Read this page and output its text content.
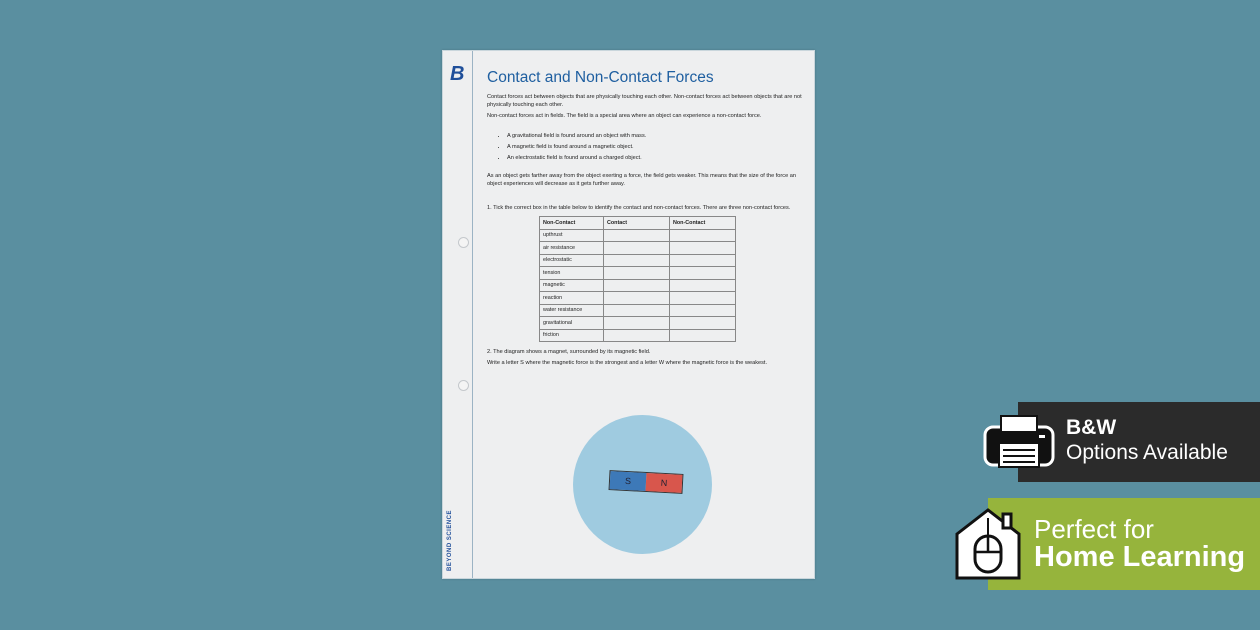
B
BEYOND SCIENCE
Contact and Non-Contact Forces

Contact forces act between objects that are physically touching each other. Non-contact forces act between objects that are not physically touching each other.

Non-contact forces act in fields. The field is a special area where an object can experience a non-contact force.

• A gravitational field is found around an object with mass.
• A magnetic field is found around a magnetic object.
• An electrostatic field is found around a charged object.

As an object gets farther away from the object exerting a force, the field gets weaker. This means that the size of the force an object experiences will decrease as it gets further away.

1. Tick the correct box in the table below to identify the contact and non-contact forces. There are three non-contact forces.

Non-Contact	Contact	Non-Contact
upthrust		
air resistance		
electrostatic		
tension		
magnetic		
reaction		
water resistance		
gravitational		
friction		

2. The diagram shows a magnet, surrounded by its magnetic field.

Write a letter S where the magnetic force is the strongest and a letter W where the magnetic force is the weakest.

S	N
B&W
Options Available
Perfect for
Home Learning
